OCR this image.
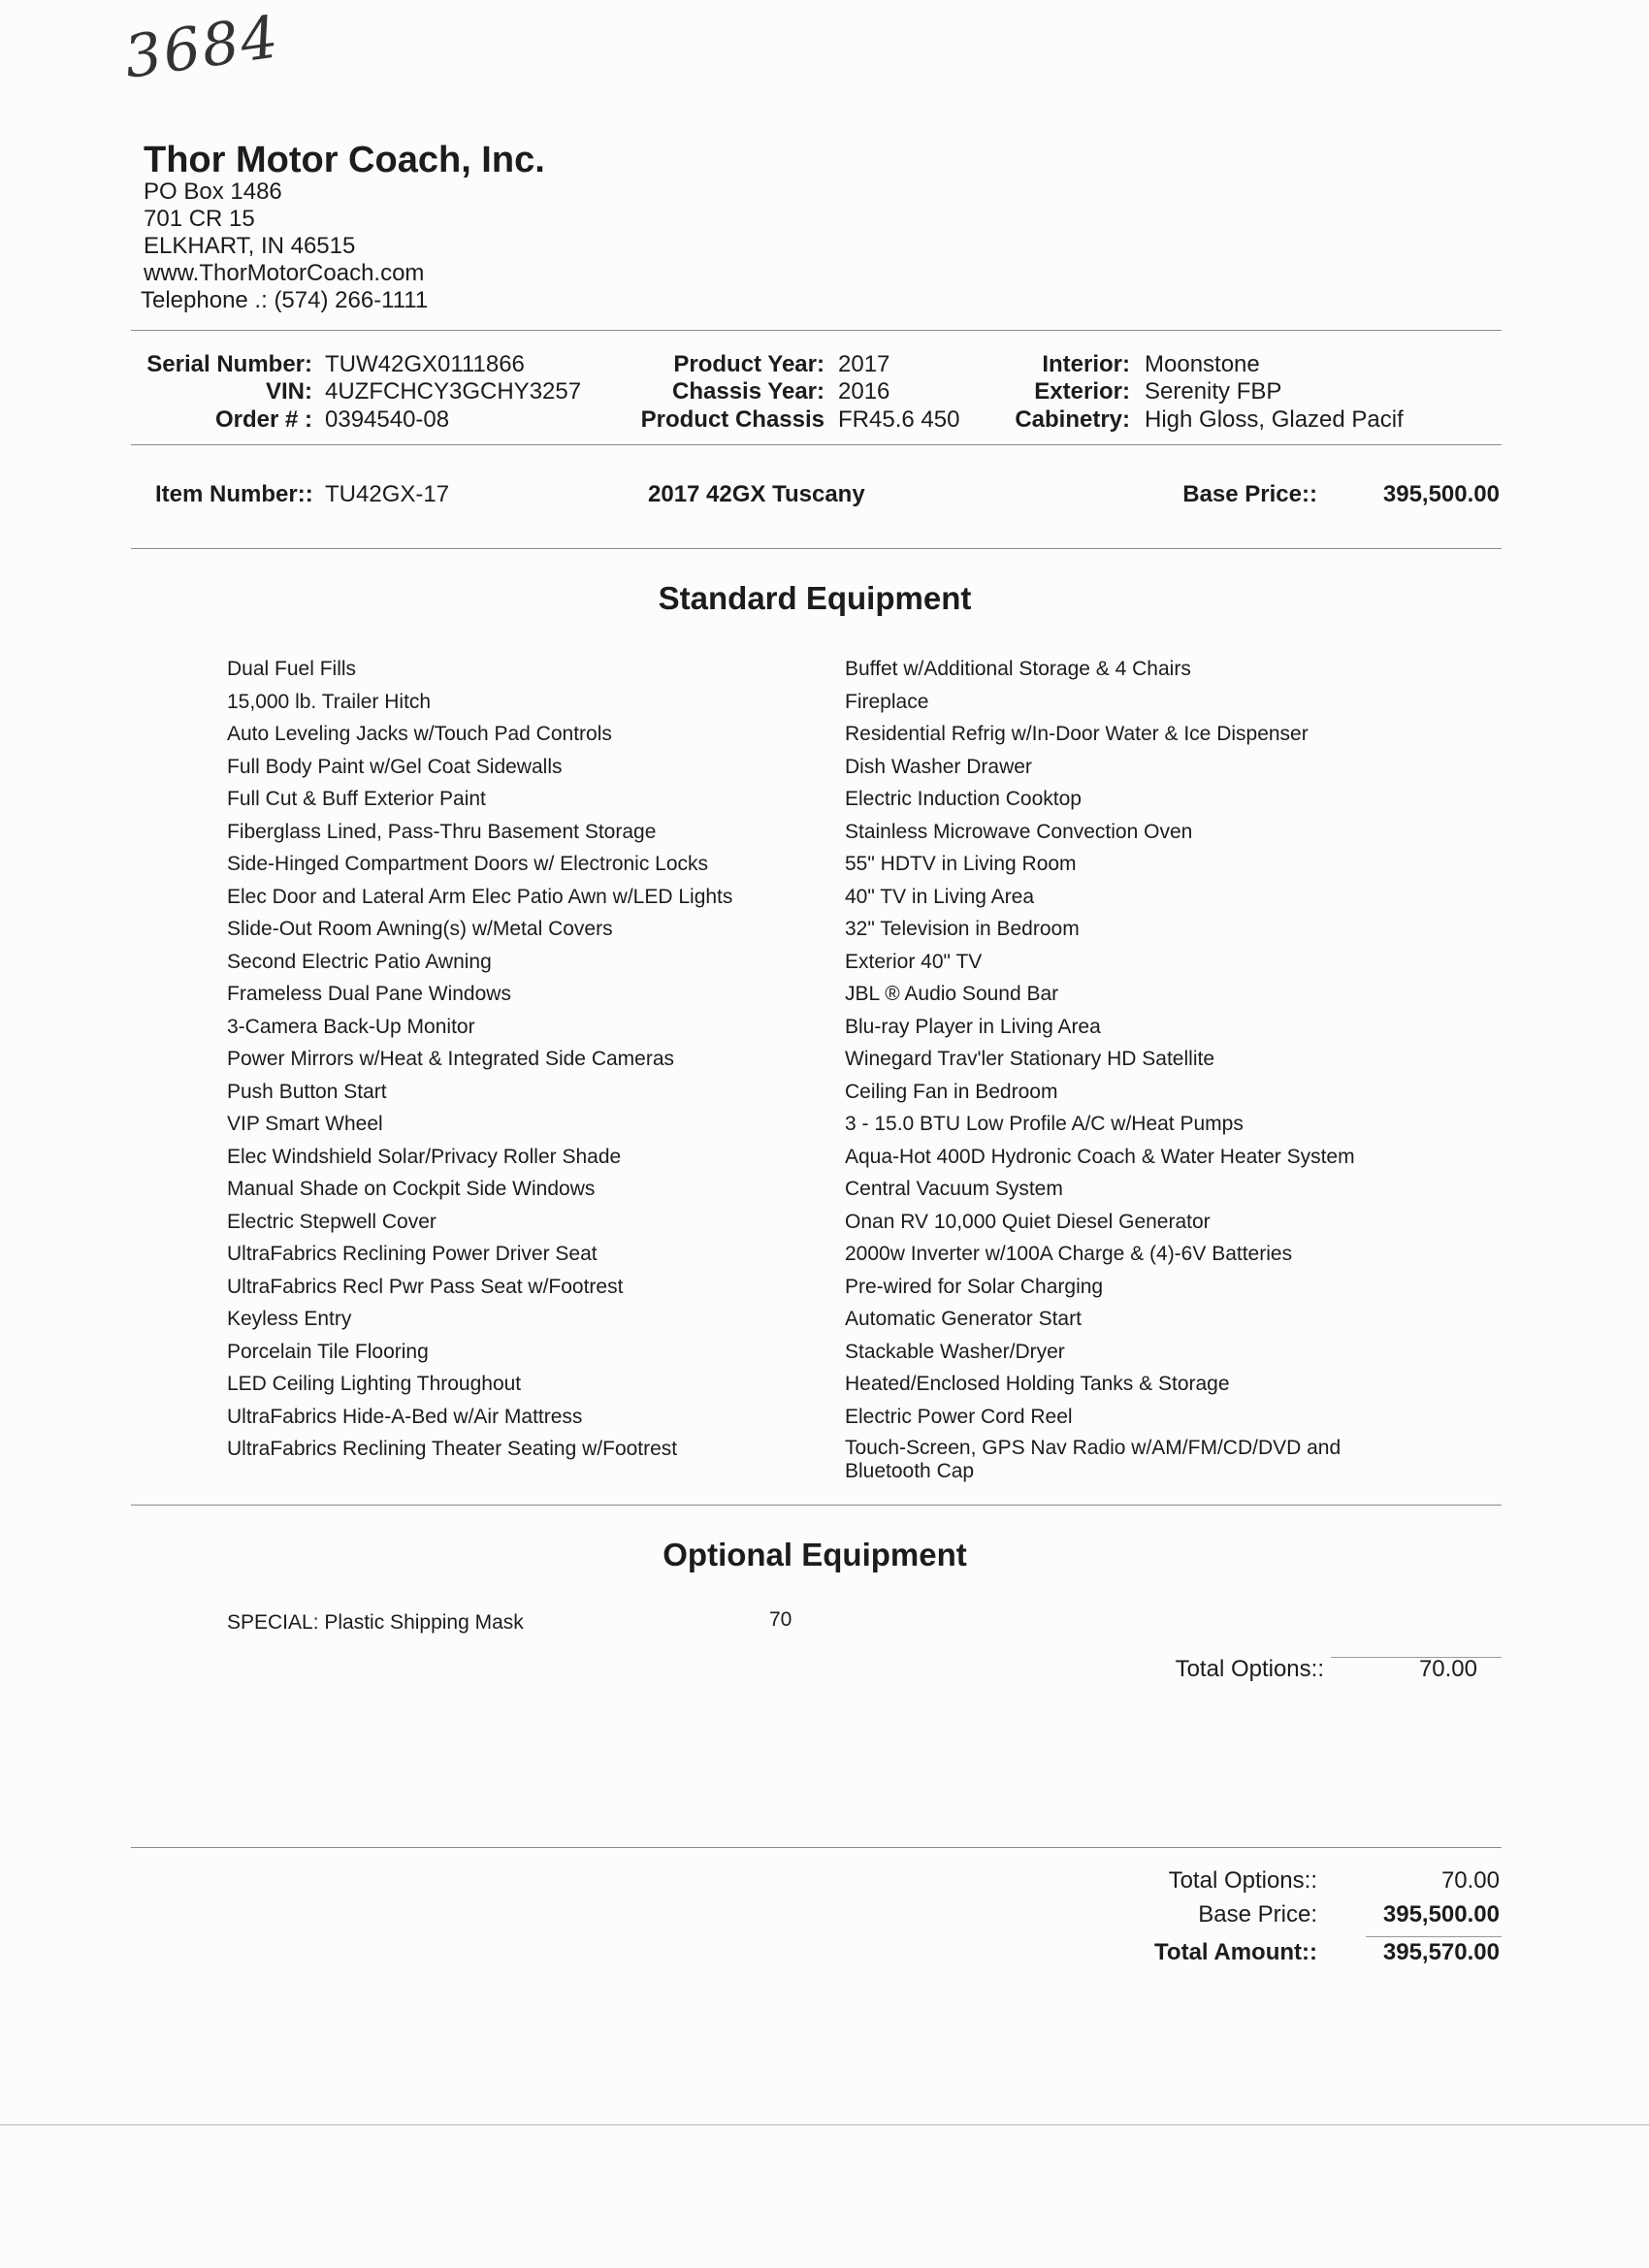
3684
Thor Motor Coach, Inc.
PO Box 1486
701 CR 15
ELKHART, IN 46515
www.ThorMotorCoach.com
Telephone .: (574) 266-1111
Serial Number: TUW42GX0111866
VIN: 4UZFCHCY3GCHY3257
Order # : 0394540-08
Product Year: 2017
Chassis Year: 2016
Product Chassis FR45.6 450
Interior: Moonstone
Exterior: Serenity FBP
Cabinetry: High Gloss, Glazed Pacif
Item Number:: TU42GX-17	2017 42GX Tuscany	Base Price::	395,500.00
Standard Equipment
Dual Fuel Fills
15,000 lb. Trailer Hitch
Auto Leveling Jacks w/Touch Pad Controls
Full Body Paint w/Gel Coat Sidewalls
Full Cut & Buff Exterior Paint
Fiberglass Lined, Pass-Thru Basement Storage
Side-Hinged Compartment Doors w/ Electronic Locks
Elec Door and Lateral Arm Elec Patio Awn w/LED Lights
Slide-Out Room Awning(s) w/Metal Covers
Second Electric Patio Awning
Frameless Dual Pane Windows
3-Camera Back-Up Monitor
Power Mirrors w/Heat & Integrated Side Cameras
Push Button Start
VIP Smart Wheel
Elec Windshield Solar/Privacy Roller Shade
Manual Shade on Cockpit Side Windows
Electric Stepwell Cover
UltraFabrics Reclining Power Driver Seat
UltraFabrics Recl Pwr Pass Seat w/Footrest
Keyless Entry
Porcelain Tile Flooring
LED Ceiling Lighting Throughout
UltraFabrics Hide-A-Bed w/Air Mattress
UltraFabrics Reclining Theater Seating w/Footrest
Buffet w/Additional Storage & 4 Chairs
Fireplace
Residential Refrig w/In-Door Water & Ice Dispenser
Dish Washer Drawer
Electric Induction Cooktop
Stainless Microwave Convection Oven
55" HDTV in Living Room
40" TV in Living Area
32" Television in Bedroom
Exterior 40" TV
JBL ® Audio Sound Bar
Blu-ray Player in Living Area
Winegard Trav'ler Stationary HD Satellite
Ceiling Fan in Bedroom
3 - 15.0 BTU Low Profile A/C w/Heat Pumps
Aqua-Hot 400D Hydronic Coach & Water Heater System
Central Vacuum System
Onan RV 10,000 Quiet Diesel Generator
2000w Inverter w/100A Charge & (4)-6V Batteries
Pre-wired for Solar Charging
Automatic Generator Start
Stackable Washer/Dryer
Heated/Enclosed Holding Tanks & Storage
Electric Power Cord Reel
Touch-Screen, GPS Nav Radio w/AM/FM/CD/DVD and Bluetooth Cap
Optional Equipment
SPECIAL: Plastic Shipping Mask	70
Total Options::	70.00
Total Options::	70.00
Base Price:	395,500.00
Total Amount::	395,570.00
